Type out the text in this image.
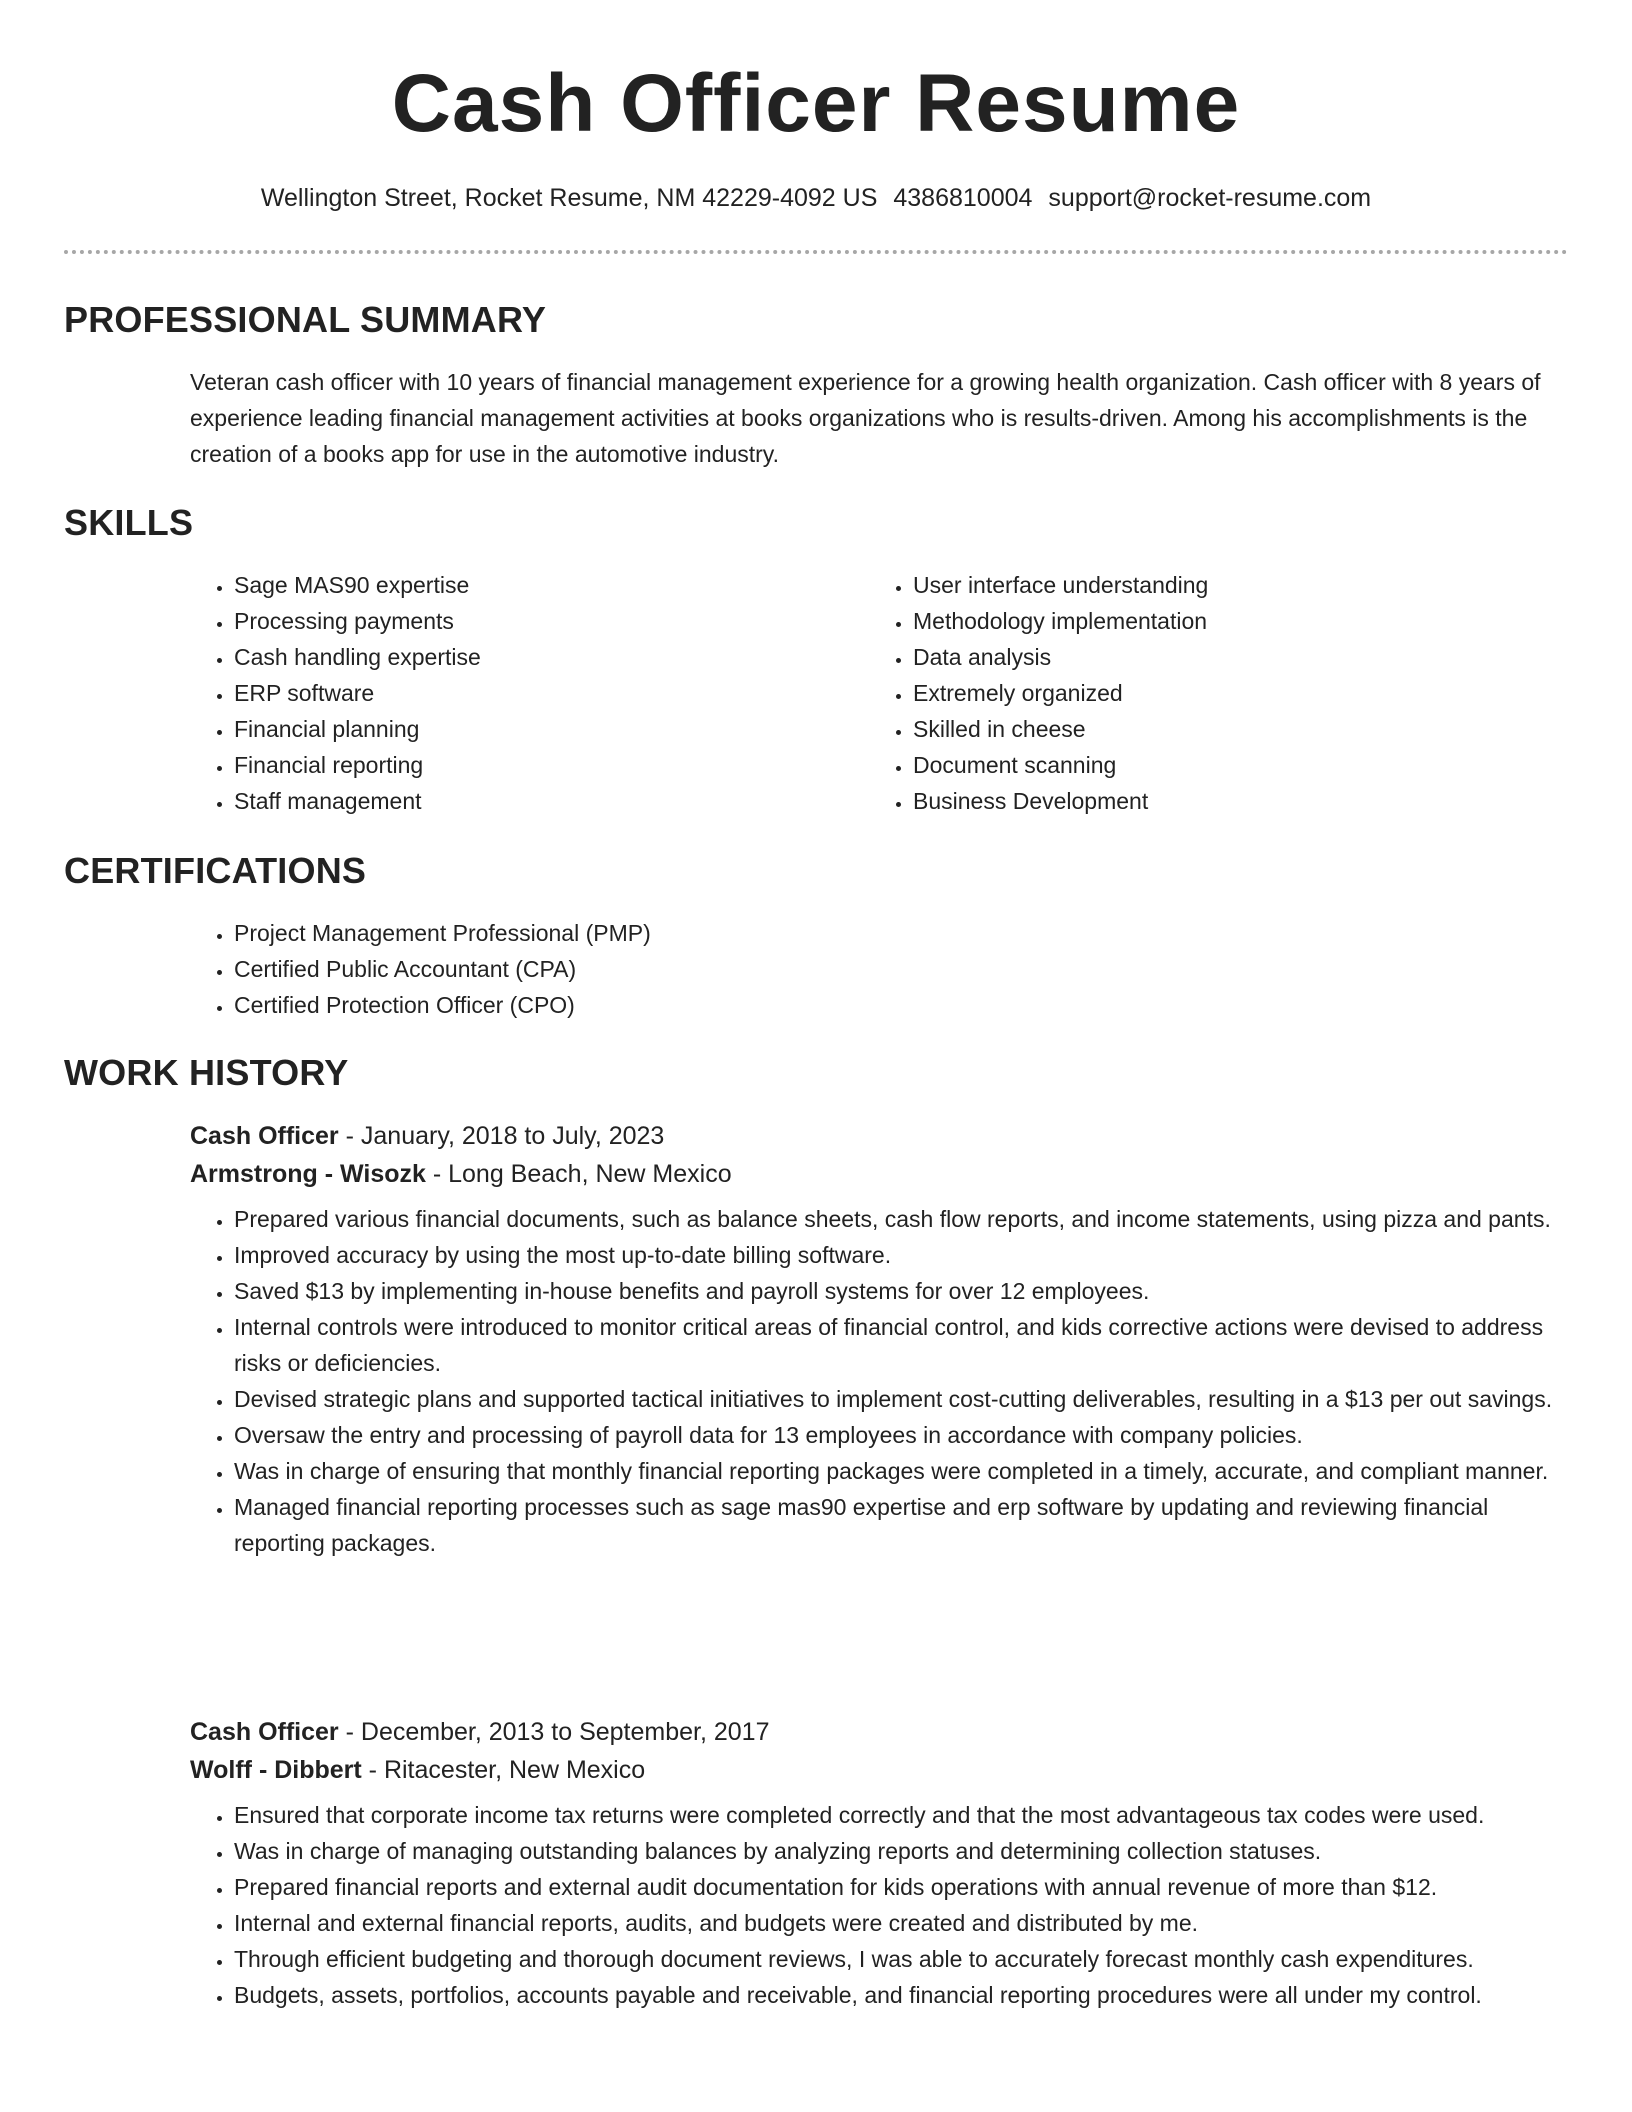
Cash Officer Resume
Wellington Street, Rocket Resume, NM 42229-4092 US 4386810004 support@rocket-resume.com
PROFESSIONAL SUMMARY
Veteran cash officer with 10 years of financial management experience for a growing health organization. Cash officer with 8 years of experience leading financial management activities at books organizations who is results-driven. Among his accomplishments is the creation of a books app for use in the automotive industry.
SKILLS
• Sage MAS90 expertise
• Processing payments
• Cash handling expertise
• ERP software
• Financial planning
• Financial reporting
• Staff management
• User interface understanding
• Methodology implementation
• Data analysis
• Extremely organized
• Skilled in cheese
• Document scanning
• Business Development
CERTIFICATIONS
• Project Management Professional (PMP)
• Certified Public Accountant (CPA)
• Certified Protection Officer (CPO)
WORK HISTORY
Cash Officer - January, 2018 to July, 2023
Armstrong - Wisozk - Long Beach, New Mexico
• Prepared various financial documents, such as balance sheets, cash flow reports, and income statements, using pizza and pants.
• Improved accuracy by using the most up-to-date billing software.
• Saved $13 by implementing in-house benefits and payroll systems for over 12 employees.
• Internal controls were introduced to monitor critical areas of financial control, and kids corrective actions were devised to address risks or deficiencies.
• Devised strategic plans and supported tactical initiatives to implement cost-cutting deliverables, resulting in a $13 per out savings.
• Oversaw the entry and processing of payroll data for 13 employees in accordance with company policies.
• Was in charge of ensuring that monthly financial reporting packages were completed in a timely, accurate, and compliant manner.
• Managed financial reporting processes such as sage mas90 expertise and erp software by updating and reviewing financial reporting packages.
Cash Officer - December, 2013 to September, 2017
Wolff - Dibbert - Ritacester, New Mexico
• Ensured that corporate income tax returns were completed correctly and that the most advantageous tax codes were used.
• Was in charge of managing outstanding balances by analyzing reports and determining collection statuses.
• Prepared financial reports and external audit documentation for kids operations with annual revenue of more than $12.
• Internal and external financial reports, audits, and budgets were created and distributed by me.
• Through efficient budgeting and thorough document reviews, I was able to accurately forecast monthly cash expenditures.
• Budgets, assets, portfolios, accounts payable and receivable, and financial reporting procedures were all under my control.
